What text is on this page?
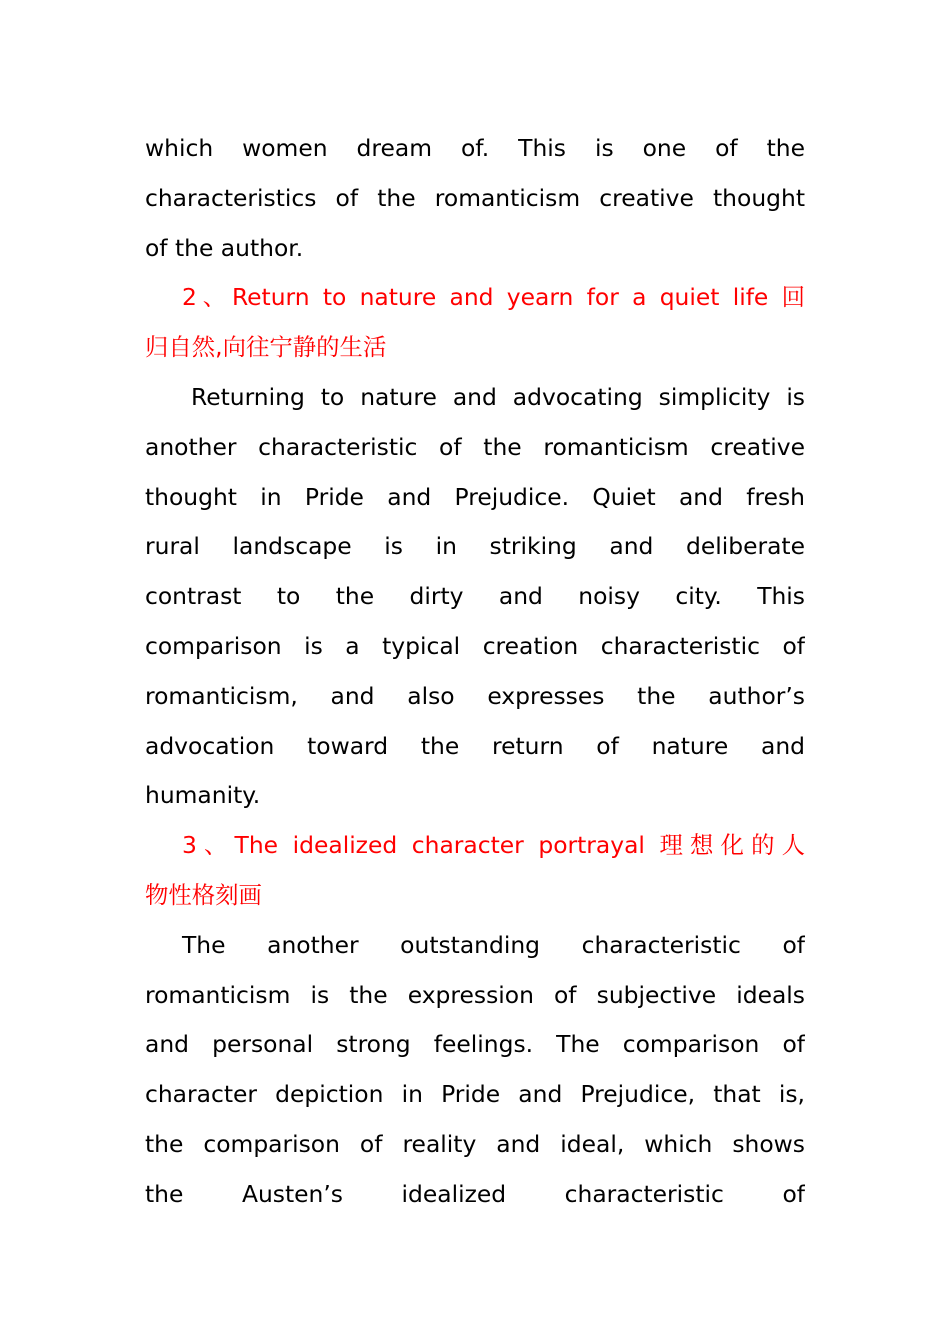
which women dream of. This is one of the
characteristics of the romanticism creative thought
of the author.
2、Return to nature and yearn for a quiet life 回
归自然,向往宁静的生活
Returning to nature and advocating simplicity is
another characteristic of the romanticism creative
thought in Pride and Prejudice. Quiet and fresh
rural landscape is in striking and deliberate
contrast to the dirty and noisy city. This
comparison is a typical creation characteristic of
romanticism, and also expresses the author’s
advocation toward the return of nature and
humanity.
3、The idealized character portrayal 理想化的人
物性格刻画
The another outstanding characteristic of
romanticism is the expression of subjective ideals
and personal strong feelings. The comparison of
character depiction in Pride and Prejudice, that is,
the comparison of reality and ideal, which shows
the Austen’s idealized characteristic of
